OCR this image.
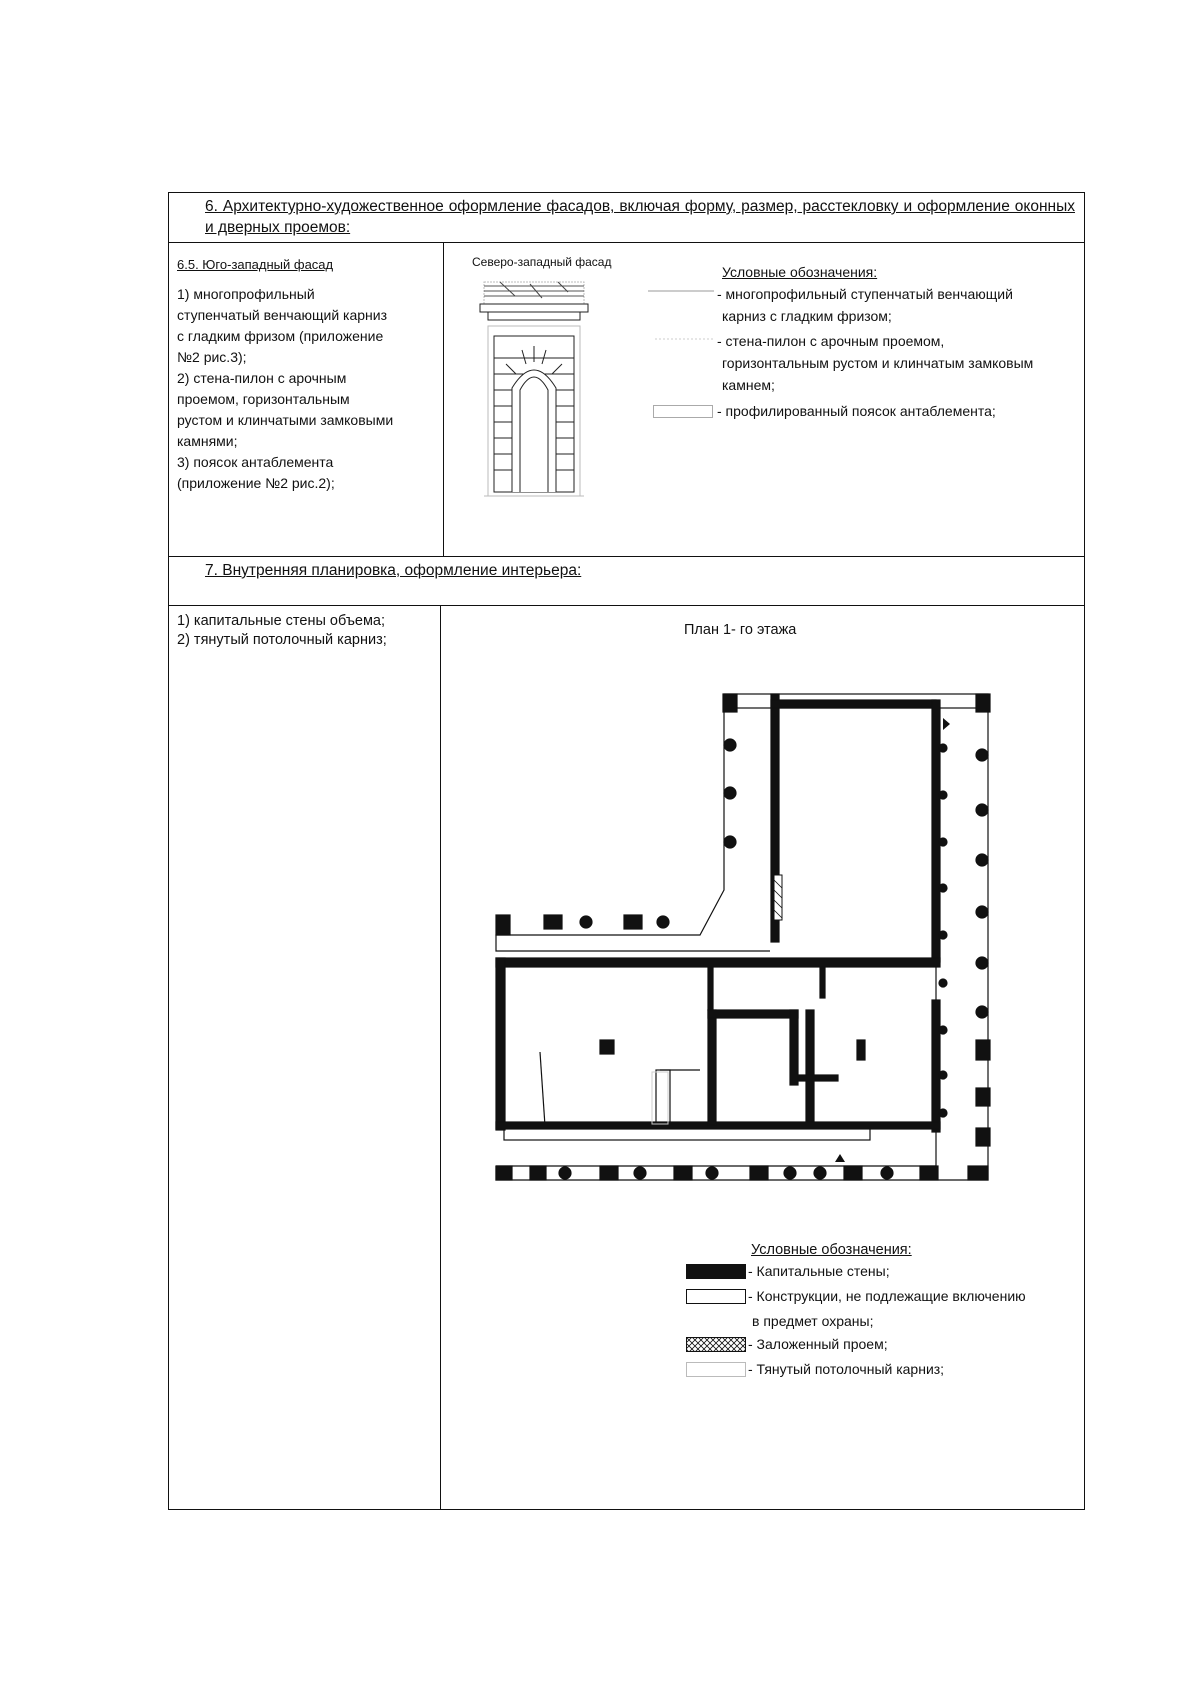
6. Архитектурно-художественное оформление фасадов, включая форму, размер, расстекловку и оформление оконных и дверных проемов:
6.5. Юго-западный фасад
1) многопрофильный
ступенчатый венчающий карниз
с гладким фризом (приложение
№2 рис.3);
2) стена-пилон с арочным
проемом, горизонтальным
рустом и клинчатыми замковыми
камнями;
3) поясок антаблемента
(приложение №2 рис.2);
Северо-западный фасад
Условные обозначения:
- многопрофильный ступенчатый венчающий
карниз с гладким фризом;
- стена-пилон с арочным проемом,
горизонтальным рустом и клинчатым замковым
камнем;
- профилированный поясок антаблемента;
7. Внутренняя планировка, оформление интерьера:
1) капитальные стены объема;
2) тянутый потолочный карниз;
План 1- го этажа
Условные обозначения:
- Капитальные стены;
- Конструкции, не подлежащие включению
в предмет охраны;
- Заложенный проем;
- Тянутый потолочный карниз;
